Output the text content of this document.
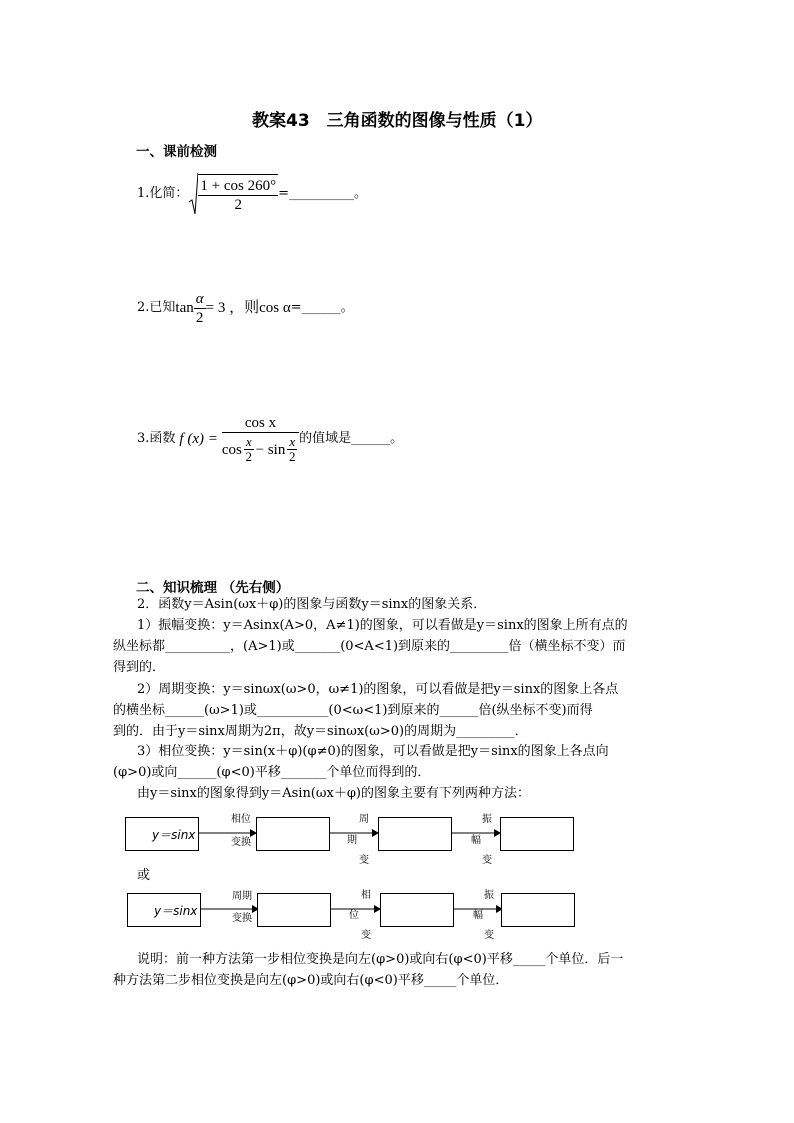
教案43　三角函数的图像与性质（1）
一、课前检测
1.化简： $\frac{1 + \cos 260^\circ}{2}$ =__________。
2.已知 $\tan \frac{\alpha}{2} = 3$ ，则 cos α =______。
3.函数 f (x) =
cos x
$\cos \frac{x}{2} - \sin \frac{x}{2}$ 的值域是______。
二、知识梳理 （先右侧）
2．函数y＝Asin(ωx＋φ)的图象与函数y＝sinx的图象关系．
1）振幅变换：y＝Asinx(A>0，A≠1)的图象，可以看做是y＝sinx的图象上所有点的
纵坐标都__________，(A>1)或_______(0<A<1)到原来的_________倍（横坐标不变）而
得到的．
2）周期变换：y＝sinωx(ω>0，ω≠1)的图象，可以看做是把y＝sinx的图象上各点
的横坐标______(ω>1)或___________(0<ω<1)到原来的______倍(纵坐标不变)而得
到的．由于y＝sinx周期为2π，故y＝sinωx(ω>0)的周期为_________．
3）相位变换：y＝sin(x＋φ)(φ≠0)的图象，可以看做是把y＝sinx的图象上各点向
(φ>0)或向______(φ<0)平移_______个单位而得到的．
由y＝sinx的图象得到y＝Asin(ωx＋φ)的图象主要有下列两种方法：
y＝sinx
相位
变换
周
期
变
振
幅
变
或
y＝sinx
周期
变换
相
位
变
振
幅
变
说明：前一种方法第一步相位变换是向左(φ>0)或向右(φ<0)平移_____个单位．后一
种方法第二步相位变换是向左(φ>0)或向右(φ<0)平移_____个单位．
